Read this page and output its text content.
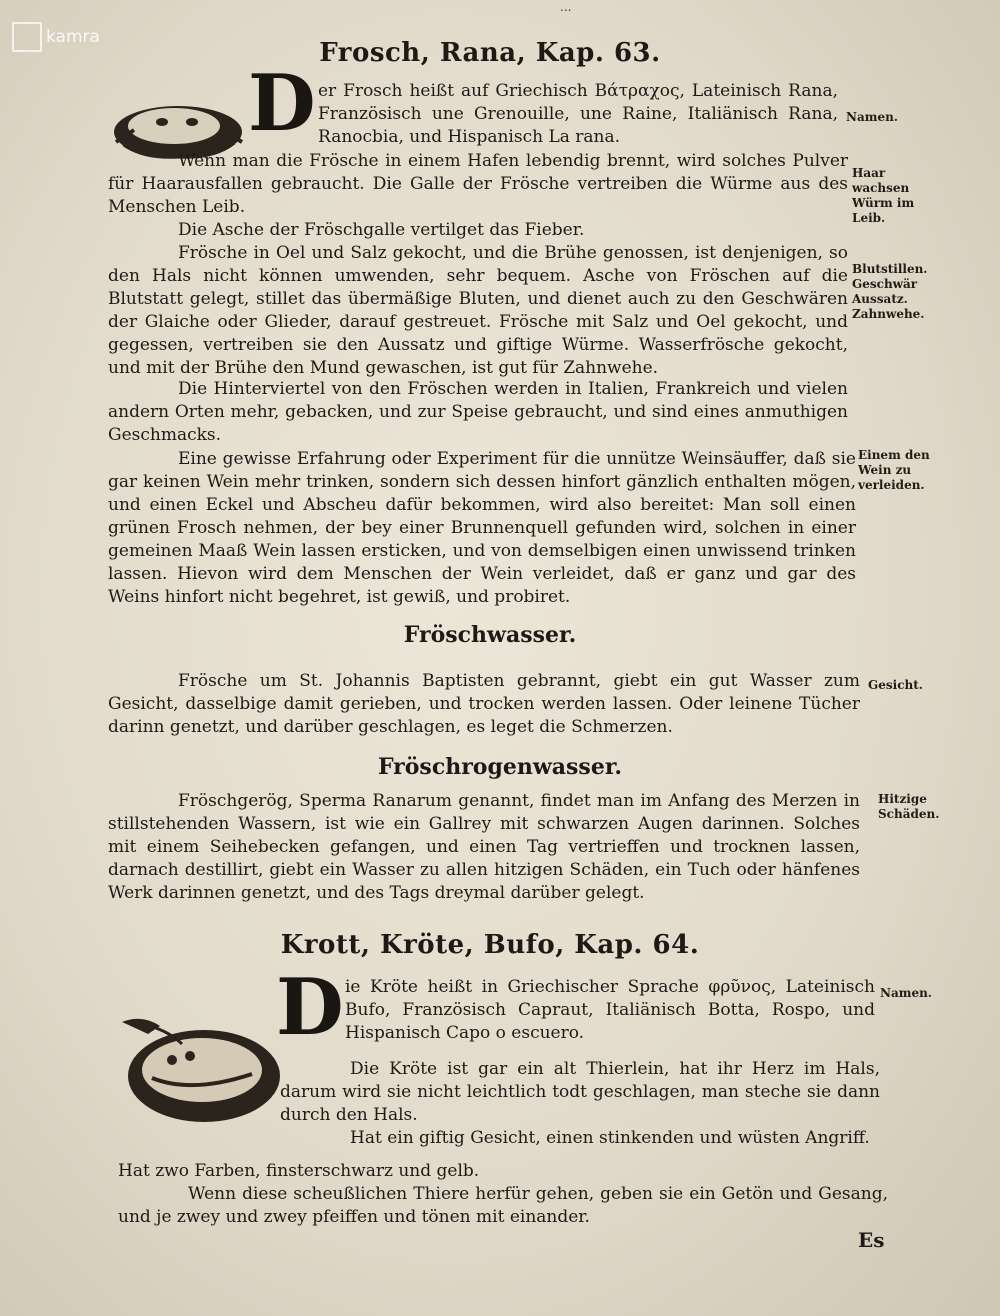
kamra
...
Frosch, Rana, Kap. 63.
D er Frosch heißt auf Griechisch Βάτραχος, Lateinisch Rana, Französisch une Grenouille, une Raine, Italiänisch Rana, Ranocbia, und Hispanisch La rana.

Wenn man die Frösche in einem Hafen lebendig brennt, wird solches Pulver für Haarausfallen gebraucht. Die Galle der Frösche vertreiben die Würme aus des Menschen Leib.

Die Asche der Fröschgalle vertilget das Fieber.

Frösche in Oel und Salz gekocht, und die Brühe genossen, ist denjenigen, so den Hals nicht können umwenden, sehr bequem. Asche von Fröschen auf die Blutstatt gelegt, stillet das übermäßige Bluten, und dienet auch zu den Geschwären der Glaiche oder Glieder, darauf gestreuet. Frösche mit Salz und Oel gekocht, und gegessen, vertreiben sie den Aussatz und giftige Würme. Wasserfrösche gekocht, und mit der Brühe den Mund gewaschen, ist gut für Zahnwehe.

Die Hinterviertel von den Fröschen werden in Italien, Frankreich und vielen andern Orten mehr, gebacken, und zur Speise gebraucht, und sind eines anmuthigen Geschmacks.

Eine gewisse Erfahrung oder Experiment für die unnütze Weinsäuffer, daß sie gar keinen Wein mehr trinken, sondern sich dessen hinfort gänzlich enthalten mögen, und einen Eckel und Abscheu dafür bekommen, wird also bereitet: Man soll einen grünen Frosch nehmen, der bey einer Brunnenquell gefunden wird, solchen in einer gemeinen Maaß Wein lassen ersticken, und von demselbigen einen unwissend trinken lassen. Hievon wird dem Menschen der Wein verleidet, daß er ganz und gar des Weins hinfort nicht begehret, ist gewiß, und probiret.

Namen.
Haar wachsen Würm im Leib.
Blutstillen. Geschwär Aussatz. Zahnwehe.
Einem den Wein zu verleiden.
Fröschwasser.

Frösche um St. Johannis Baptisten gebrannt, giebt ein gut Wasser zum Gesicht, dasselbige damit gerieben, und trocken werden lassen. Oder leinene Tücher darinn genetzt, und darüber geschlagen, es leget die Schmerzen.

Gesicht.
Fröschrogenwasser.

Fröschgerög, Sperma Ranarum genannt, findet man im Anfang des Merzen in stillstehenden Wassern, ist wie ein Gallrey mit schwarzen Augen darinnen. Solches mit einem Seihebecken gefangen, und einen Tag vertrieffen und trocknen lassen, darnach destillirt, giebt ein Wasser zu allen hitzigen Schäden, ein Tuch oder hänfenes Werk darinnen genetzt, und des Tags dreymal darüber gelegt.

Hitzige Schäden.
Krott, Kröte, Bufo, Kap. 64.
D ie Kröte heißt in Griechischer Sprache φρῦνος, Lateinisch Bufo, Französisch Capraut, Italiänisch Botta, Rospo, und Hispanisch Capo o escuero.

Namen.

Die Kröte ist gar ein alt Thierlein, hat ihr Herz im Hals, darum wird sie nicht leichtlich todt geschlagen, man steche sie dann durch den Hals.

Hat ein giftig Gesicht, einen stinkenden und wüsten Angriff.

Hat zwo Farben, finsterschwarz und gelb.

Wenn diese scheußlichen Thiere herfür gehen, geben sie ein Getön und Gesang, und je zwey und zwey pfeiffen und tönen mit einander.

Es
